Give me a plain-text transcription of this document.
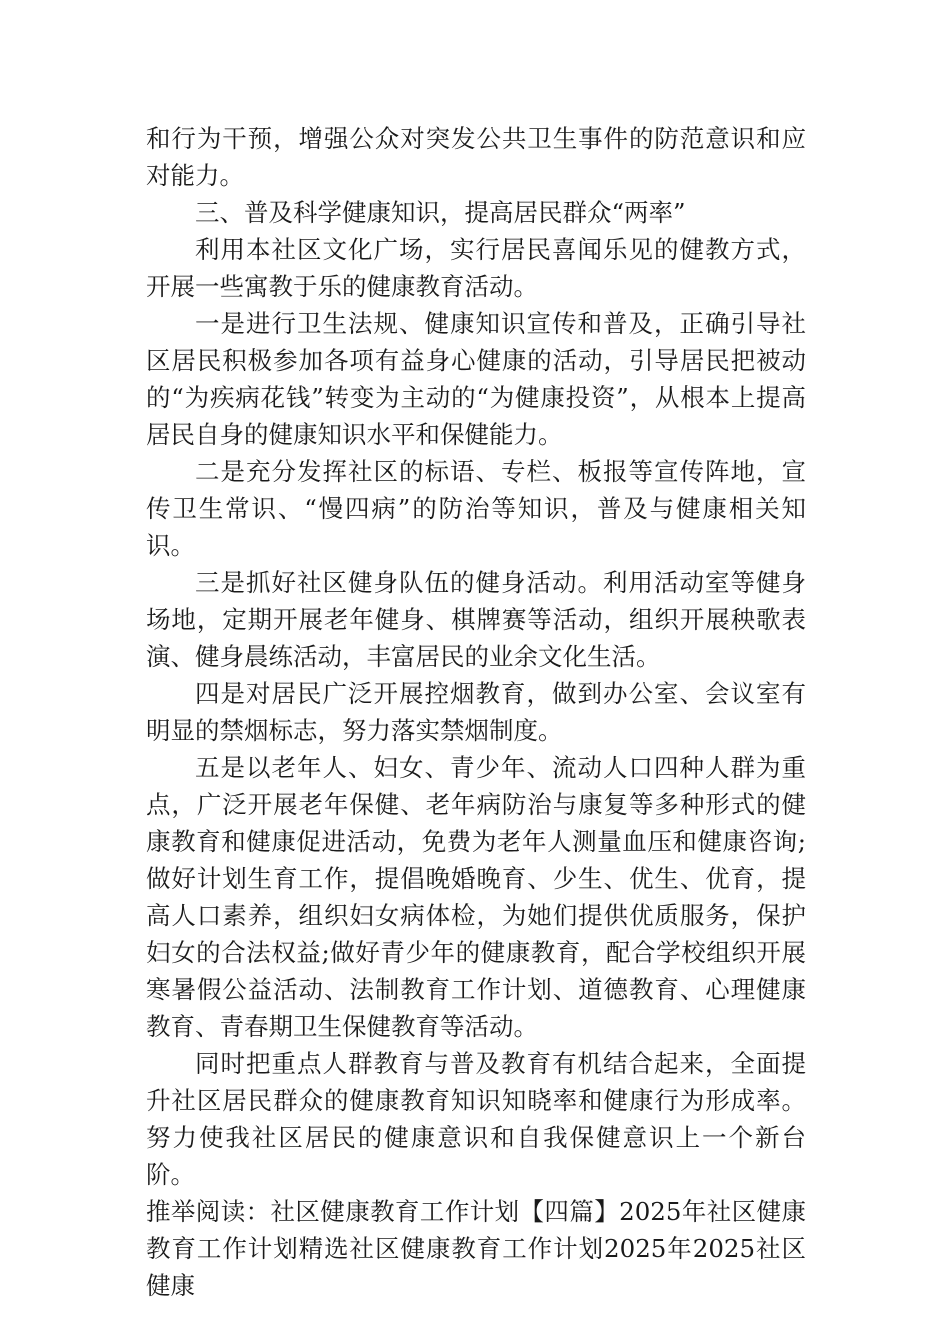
和行为干预，增强公众对突发公共卫生事件的防范意识和应对能力。

三、普及科学健康知识，提高居民群众“两率”

利用本社区文化广场，实行居民喜闻乐见的健教方式，开展一些寓教于乐的健康教育活动。

一是进行卫生法规、健康知识宣传和普及，正确引导社区居民积极参加各项有益身心健康的活动，引导居民把被动的“为疾病花钱”转变为主动的“为健康投资”，从根本上提高居民自身的健康知识水平和保健能力。

二是充分发挥社区的标语、专栏、板报等宣传阵地，宣传卫生常识、“慢四病”的防治等知识，普及与健康相关知识。

三是抓好社区健身队伍的健身活动。利用活动室等健身场地，定期开展老年健身、棋牌赛等活动，组织开展秧歌表演、健身晨练活动，丰富居民的业余文化生活。

四是对居民广泛开展控烟教育，做到办公室、会议室有明显的禁烟标志，努力落实禁烟制度。

五是以老年人、妇女、青少年、流动人口四种人群为重点，广泛开展老年保健、老年病防治与康复等多种形式的健康教育和健康促进活动，免费为老年人测量血压和健康咨询;做好计划生育工作，提倡晚婚晚育、少生、优生、优育，提高人口素养，组织妇女病体检，为她们提供优质服务，保护妇女的合法权益;做好青少年的健康教育，配合学校组织开展寒暑假公益活动、法制教育工作计划、道德教育、心理健康教育、青春期卫生保健教育等活动。

同时把重点人群教育与普及教育有机结合起来，全面提升社区居民群众的健康教育知识知晓率和健康行为形成率。努力使我社区居民的健康意识和自我保健意识上一个新台阶。

推举阅读：社区健康教育工作计划【四篇】2025年社区健康教育工作计划精选社区健康教育工作计划2025年2025社区健康
